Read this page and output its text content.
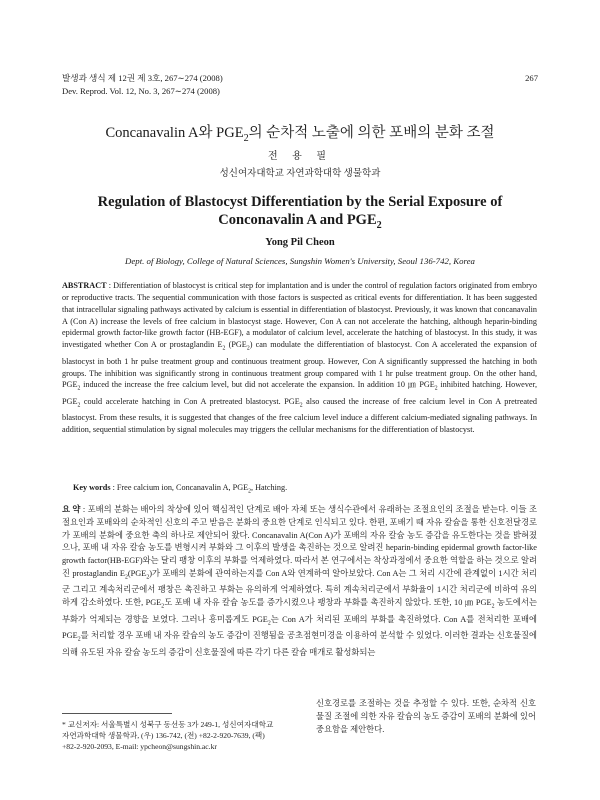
발생과 생식 제 12권 제 3호, 267∼274 (2008)
Dev. Reprod. Vol. 12, No. 3, 267∼274 (2008)
267
Concanavalin A와 $PGE_2$의 순차적 노출에 의한 포배의 분화 조절
전 용 필
성신여자대학교 자연과학대학 생물학과
Regulation of Blastocyst Differentiation by the Serial Exposure of
Conconavalin A and $PGE_2$
Yong Pil Cheon
Dept. of Biology, College of Natural Sciences, Sungshin Women's University, Seoul 136-742, Korea
ABSTRACT : Differentiation of blastocyst is critical step for implantation and is under the control of regulation factors originated from embryo or reproductive tracts. The sequential communication with those factors is suspected as critical events for differentiation. It has been suggested that intracellular signaling pathways activated by calcium is essential in differentiation of blastocyst. Previously, it was known that concanavalin A (Con A) increase the levels of free calcium in blastocyst stage. However, Con A can not accelerate the hatching, although heparin-binding epidermal growth factor-like growth factor (HB-EGF), a modulator of calcium level, accelerate the hatching of blastocyst. In this study, it was investigated whether Con A or prostaglandin $E_2$ $(PGE_2)$ can modulate the differentiation of blastocyst. Con A accelerated the expansion of blastocyst in both 1 hr pulse treatment group and continuous treatment group. However, Con A significantly suppressed the hatching in both groups. The inhibition was significantly strong in continuous treatment group compared with 1 hr pulse treatment group. On the other hand, $PGE_2$ induced the increase the free calcium level, but did not accelerate the expansion. In addition 10 ㎛ $PGE_2$ inhibited hatching. However, $PGE_2$ could accelerate hatching in Con A pretreated blastocyst. $PGE_2$ also caused the increase of free calcium level in Con A pretreated blastocyst. From these results, it is suggested that changes of the free calcium level induce a different calcium-mediated signaling pathways. In addition, sequential stimulation by signal molecules may triggers the cellular mechanisms for the differentiation of blastocyst.
Key words : Free calcium ion, Concanavalin A, $PGE_2$, Hatching.
요 약 : 포배의 분화는 배아의 착상에 있어 핵심적인 단계로 배아 자체 또는 생식수관에서 유래하는 조절요인의 조절을 받는다. 이들 조절요인과 포배와의 순차적인 신호의 주고 받음은 분화의 중요한 단계로 인식되고 있다. 한편, 포배기 때 자유 칼슘을 통한 신호전달경로가 포배의 분화에 중요한 축의 하나로 제안되어 왔다. Concanavalin A(Con A)가 포배의 자유 칼슘 농도 증감을 유도한다는 것을 밝혀졌으나, 포배 내 자유 칼슘 농도를 변형시켜 부화와 그 이후의 발생을 촉진하는 것으로 알려진 heparin-binding epidermal growth factor-like growth factor(HB-EGF)와는 달리 팽창 이후의 부화를 억제하였다. 따라서 본 연구에서는 착상과정에서 중요한 역할을 하는 것으로 알려진 prostaglandin $E_2(PGE_2)$가 포배의 분화에 관여하는지를 Con A와 연계하여 알아보았다. Con A는 그 처리 시간에 관계없이 1시간 처리군 그리고 계속처리군에서 팽창은 촉진하고 부화는 유의하게 억제하였다. 특히 계속처리군에서 부화율이 1시간 처리군에 비하여 유의하게 감소하였다. 또한, $PGE_2$도 포배 내 자유 칼슘 농도를 증가시켰으나 팽창과 부화를 촉진하지 않았다. 또한, 10 ㎛ $PGE_2$ 농도에서는 부화가 억제되는 경향을 보였다. 그러나 흥미롭게도 $PGE_2$는 Con A가 처리된 포배의 부화를 촉진하였다. Con A를 전처리한 포배에 $PGE_2$를 처리할 경우 포배 내 자유 칼슘의 농도 증감이 진행됨을 공초점현미경을 이용하여 분석할 수 있었다. 이러한 결과는 신호물질에 의해 유도된 자유 칼슘 농도의 증감이 신호물질에 따른 각기 다른 칼슘 매개로 활성화되는
* 교신저자: 서울특별시 성북구 동선동 3가 249-1, 성신여자대학교 자연과학대학 생물학과, (우) 136-742, (전) +82-2-920-7639, (팩) +82-2-920-2093, E-mail: ypcheon@sungshin.ac.kr
신호경로를 조절하는 것을 추정할 수 있다. 또한, 순차적 신호물질 조절에 의한 자유 칼슘의 농도 증감이 포배의 분화에 있어 중요함을 제안한다.
